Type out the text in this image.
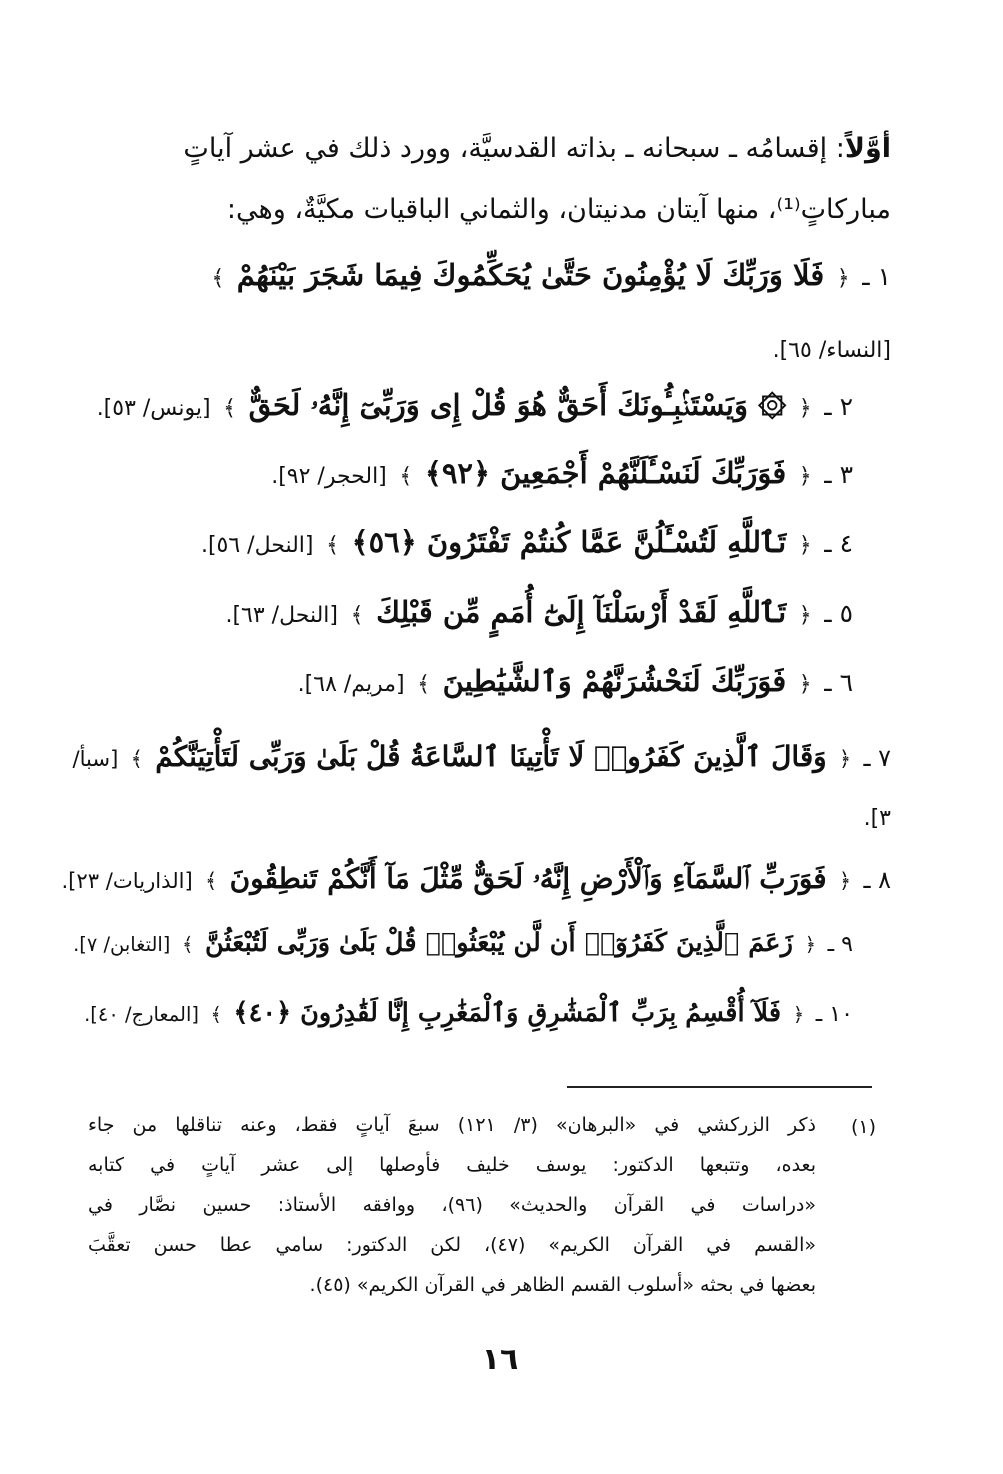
أوَّلاً: إقسامُه ـ سبحانه ـ بذاته القدسيَّة، وورد ذلك في عشر آياتٍ
مباركاتٍ⁽¹⁾، منها آيتان مدنيتان، والثماني الباقيات مكيَّةٌ، وهي:
١ ـ ﴿ فَلَا وَرَبِّكَ لَا يُؤْمِنُونَ حَتَّىٰ يُحَكِّمُوكَ فِيمَا شَجَرَ بَيْنَهُمْ ﴾
[النساء/ ٦٥].
٢ ـ ﴿ ۞ وَيَسْتَنۢبِـُٔونَكَ أَحَقٌّ هُوَ قُلْ إِى وَرَبِّىٓ إِنَّهُۥ لَحَقٌّ ﴾ [يونس/ ٥٣].
٣ ـ ﴿ فَوَرَبِّكَ لَنَسْـَٔلَنَّهُمْ أَجْمَعِينَ ﴿٩٢﴾ ﴾ [الحجر/ ٩٢].
٤ ـ ﴿ تَٱللَّهِ لَتُسْـَٔلُنَّ عَمَّا كُنتُمْ تَفْتَرُونَ ﴿٥٦﴾ ﴾ [النحل/ ٥٦].
٥ ـ ﴿ تَٱللَّهِ لَقَدْ أَرْسَلْنَآ إِلَىٰٓ أُمَمٍ مِّن قَبْلِكَ ﴾ [النحل/ ٦٣].
٦ ـ ﴿ فَوَرَبِّكَ لَنَحْشُرَنَّهُمْ وَٱلشَّيَٰطِينَ ﴾ [مريم/ ٦٨].
٧ ـ ﴿ وَقَالَ ٱلَّذِينَ كَفَرُوا۟ لَا تَأْتِينَا ٱلسَّاعَةُ قُلْ بَلَىٰ وَرَبِّى لَتَأْتِيَنَّكُمْ ﴾ [سبأ/
٣].
٨ ـ ﴿ فَوَرَبِّ ٱلسَّمَآءِ وَٱلْأَرْضِ إِنَّهُۥ لَحَقٌّ مِّثْلَ مَآ أَنَّكُمْ تَنطِقُونَ ﴾ [الذاريات/ ٢٣].
٩ ـ ﴿ زَعَمَ ٱلَّذِينَ كَفَرُوٓا۟ أَن لَّن يُبْعَثُوا۟ قُلْ بَلَىٰ وَرَبِّى لَتُبْعَثُنَّ ﴾ [التغابن/ ٧].
١٠ ـ ﴿ فَلَآ أُقْسِمُ بِرَبِّ ٱلْمَشَٰرِقِ وَٱلْمَغَٰرِبِ إِنَّا لَقَٰدِرُونَ ﴿٤٠﴾ ﴾ [المعارج/ ٤٠].
(١)
ذكر الزركشي في «البرهان» (٣/ ١٢١) سبعَ آياتٍ فقط، وعنه تناقلها من جاء
بعده، وتتبعها الدكتور: يوسف خليف فأوصلها إلى عشر آياتٍ في كتابه
«دراسات في القرآن والحديث» (٩٦)، ووافقه الأستاذ: حسين نصَّار في
«القسم في القرآن الكريم» (٤٧)، لكن الدكتور: سامي عطا حسن تعقَّبَ
بعضها في بحثه «أسلوب القسم الظاهر في القرآن الكريم» (٤٥).
١٦
